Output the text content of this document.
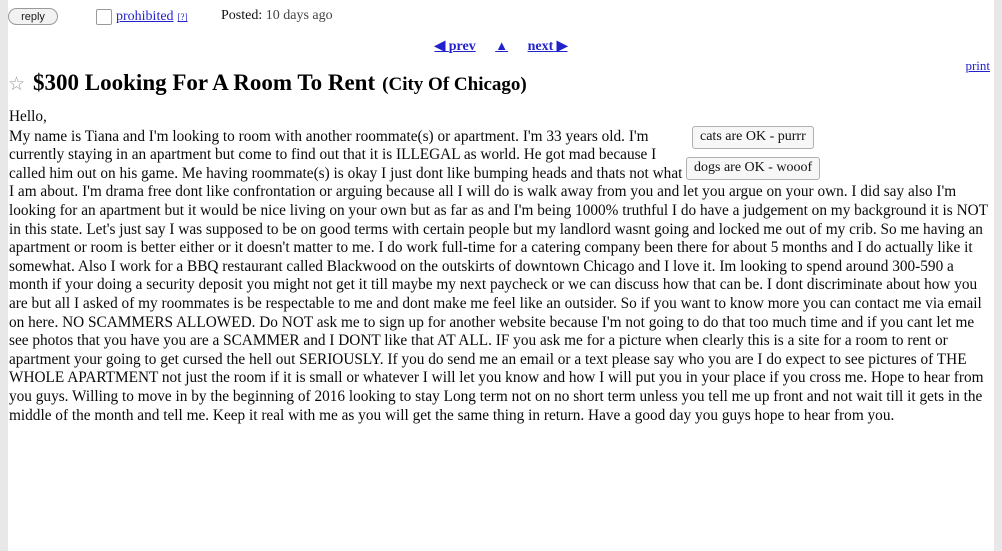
reply	prohibited [?] Posted: 10 days ago
◀ prev ▲ next ▶
print
☆ $300 Looking For A Room To Rent (City Of Chicago)
Hello,
My name is Tiana and I'm looking to room with another roommate(s) or apartment. I'm 33 years old. I'm currently staying in an apartment but come to find out that it is ILLEGAL as world. He got mad because I called him out on his game. Me having roommate(s) is okay I just dont like bumping heads and thats not what I am about. I'm drama free dont like confrontation or arguing because all I will do is walk away from you and let you argue on your own. I did say also I'm looking for an apartment but it would be nice living on your own but as far as and I'm being 1000% truthful I do have a judgement on my background it is NOT in this state. Let's just say I was supposed to be on good terms with certain people but my landlord wasnt going and locked me out of my crib. So me having an apartment or room is better either or it doesn't matter to me. I do work full-time for a catering company been there for about 5 months and I do actually like it somewhat. Also I work for a BBQ restaurant called Blackwood on the outskirts of downtown Chicago and I love it. Im looking to spend around 300-590 a month if your doing a security deposit you might not get it till maybe my next paycheck or we can discuss how that can be. I dont discriminate about how you are but all I asked of my roommates is be respectable to me and dont make me feel like an outsider. So if you want to know more you can contact me via email on here. NO SCAMMERS ALLOWED. Do NOT ask me to sign up for another website because I'm not going to do that too much time and if you cant let me see photos that you have you are a SCAMMER and I DONT like that AT ALL. IF you ask me for a picture when clearly this is a site for a room to rent or apartment your going to get cursed the hell out SERIOUSLY. If you do send me an email or a text please say who you are I do expect to see pictures of THE WHOLE APARTMENT not just the room if it is small or whatever I will let you know and how I will put you in your place if you cross me. Hope to hear from you guys. Willing to move in by the beginning of 2016 looking to stay Long term not on no short term unless you tell me up front and not wait till it gets in the middle of the month and tell me. Keep it real with me as you will get the same thing in return. Have a good day you guys hope to hear from you.
cats are OK - purrr dogs are OK - wooof
